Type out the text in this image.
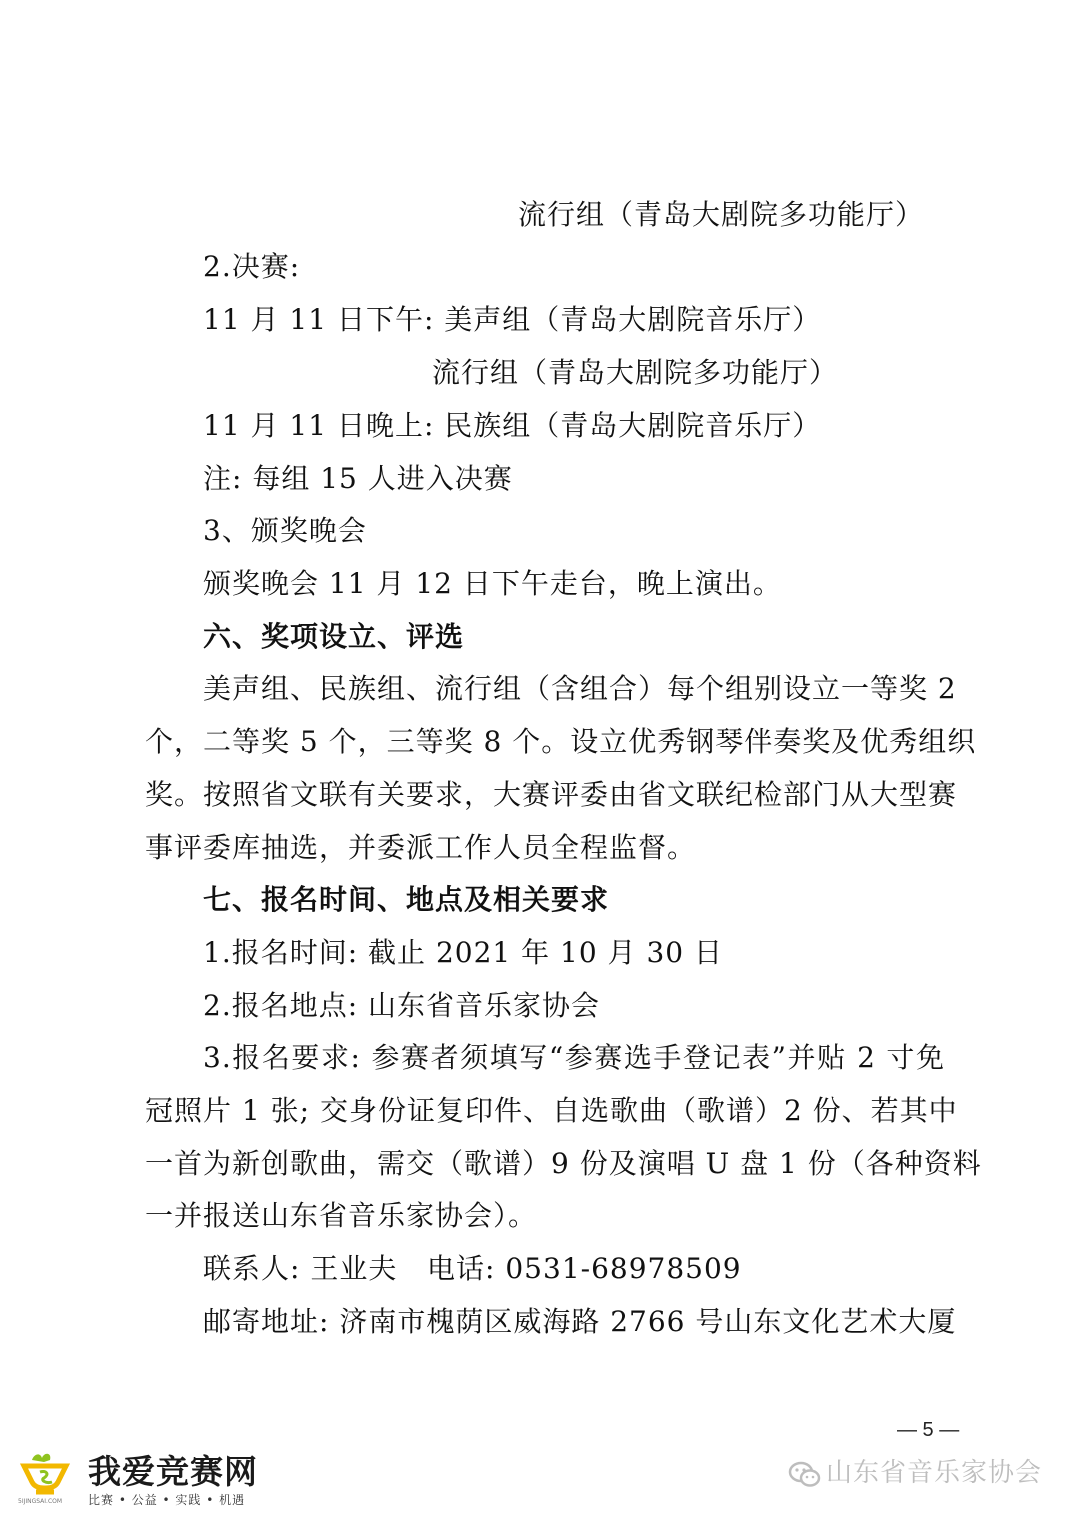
流行组（青岛大剧院多功能厅）
2.决赛:
11 月 11 日下午: 美声组（青岛大剧院音乐厅）
流行组（青岛大剧院多功能厅）
11 月 11 日晚上: 民族组（青岛大剧院音乐厅）
注: 每组 15 人进入决赛
3、颁奖晚会
颁奖晚会 11 月 12 日下午走台，晚上演出。
六、奖项设立、评选
美声组、民族组、流行组（含组合）每个组别设立一等奖 2
个，二等奖 5 个，三等奖 8 个。设立优秀钢琴伴奏奖及优秀组织
奖。按照省文联有关要求，大赛评委由省文联纪检部门从大型赛
事评委库抽选，并委派工作人员全程监督。
七、报名时间、地点及相关要求
1.报名时间: 截止 2021 年 10 月 30 日
2.报名地点: 山东省音乐家协会
3.报名要求: 参赛者须填写“参赛选手登记表”并贴 2 寸免
冠照片 1 张; 交身份证复印件、自选歌曲（歌谱）2 份、若其中
一首为新创歌曲，需交（歌谱）9 份及演唱 U 盘 1 份（各种资料
一并报送山东省音乐家协会）。
联系人: 王业夫   电话: 0531-68978509
邮寄地址: 济南市槐荫区威海路 2766 号山东文化艺术大厦
— 5 —
5IJINGSAI.COM
我爱竞赛网
比赛 • 公益 • 实践 • 机遇
山东省音乐家协会
